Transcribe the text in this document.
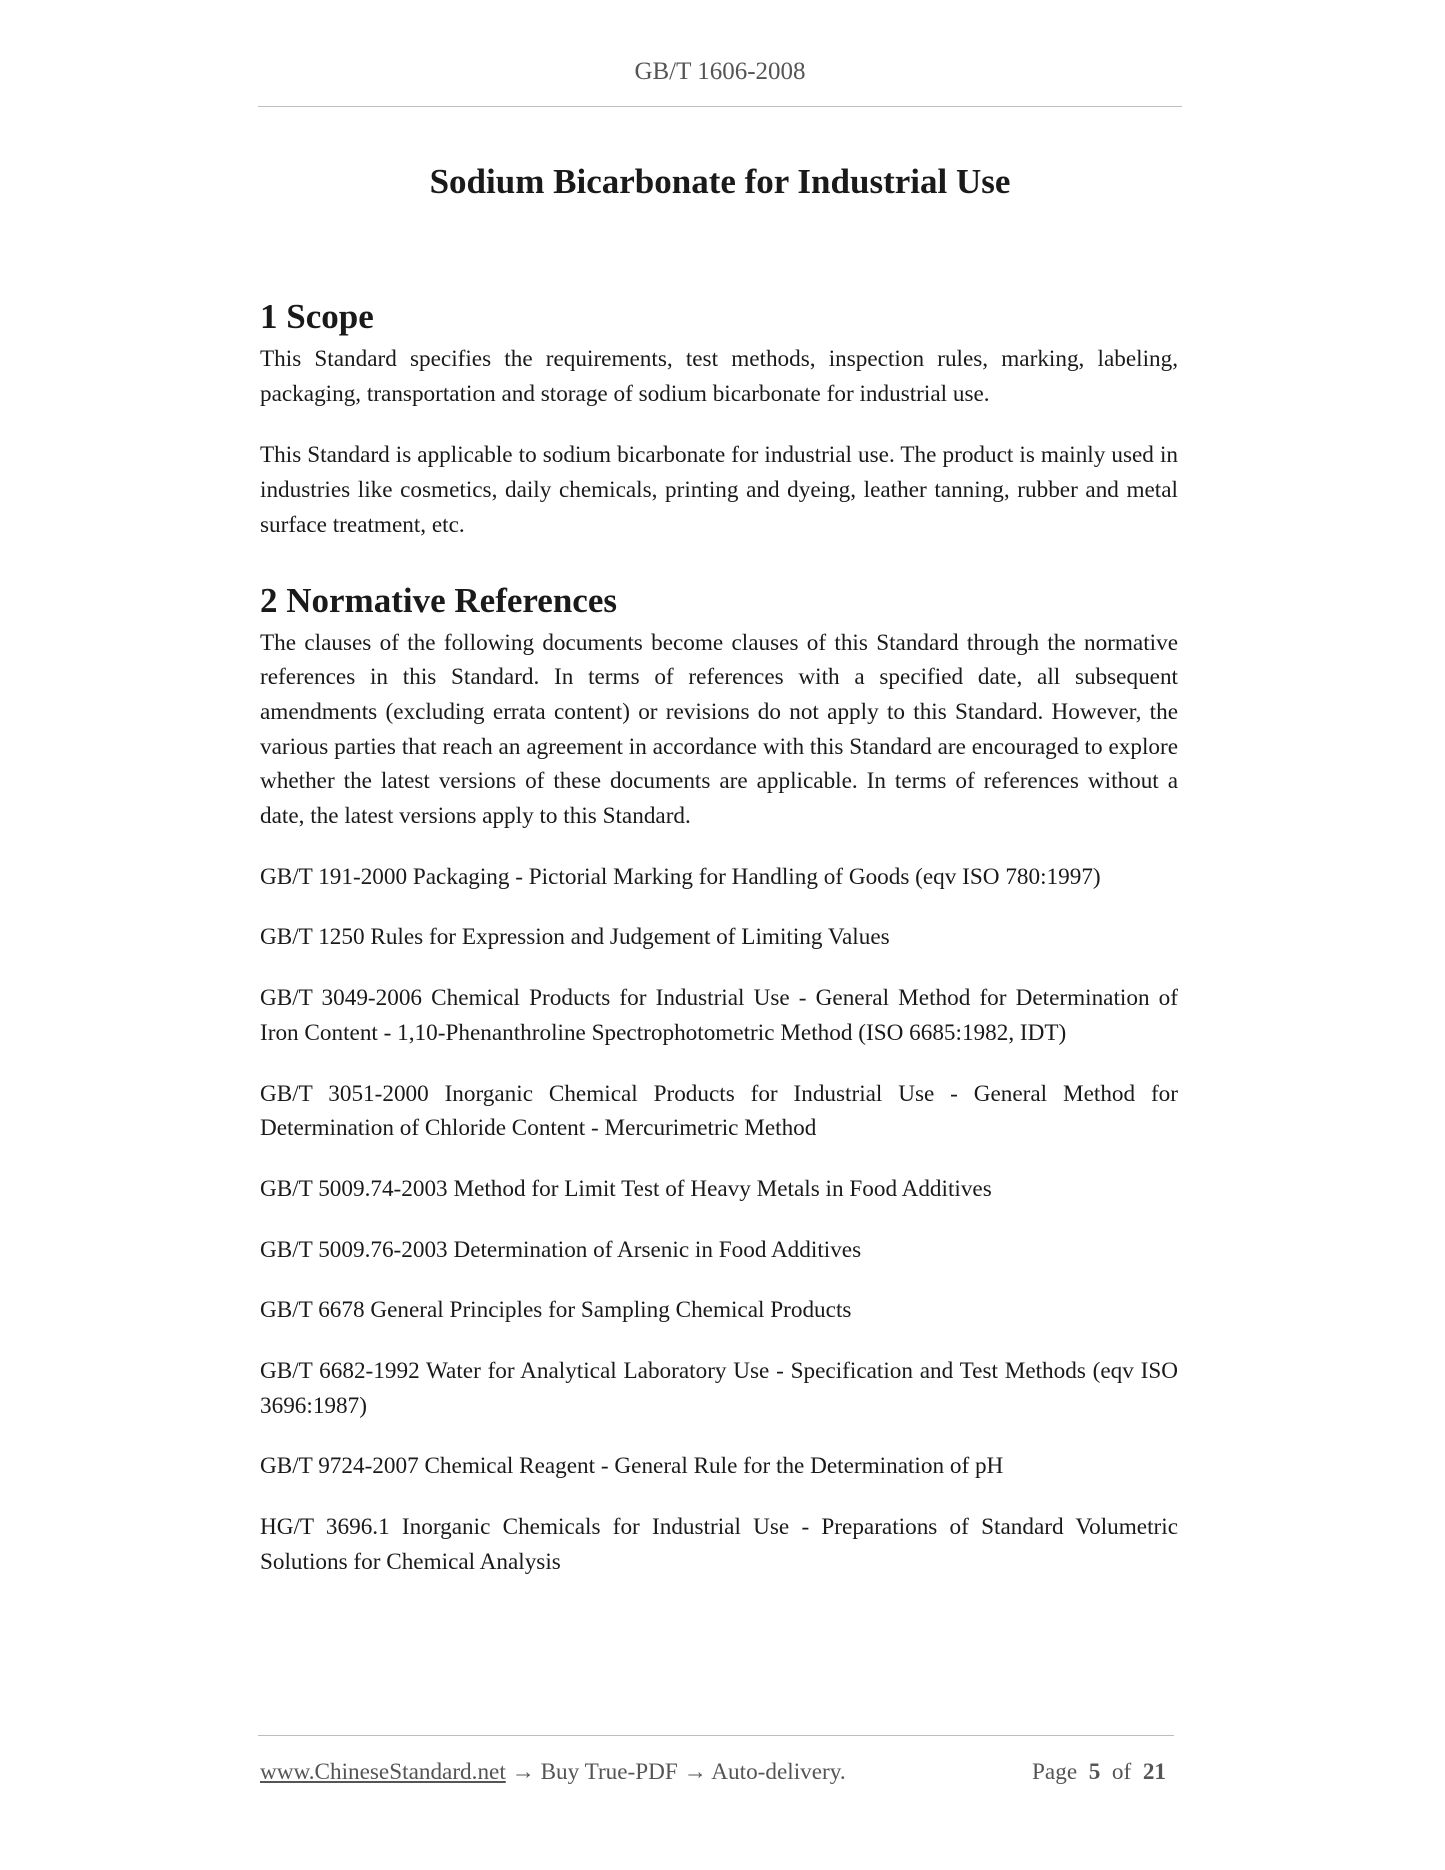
GB/T 1606-2008
Sodium Bicarbonate for Industrial Use
1 Scope

This Standard specifies the requirements, test methods, inspection rules, marking, labeling, packaging, transportation and storage of sodium bicarbonate for industrial use.

This Standard is applicable to sodium bicarbonate for industrial use. The product is mainly used in industries like cosmetics, daily chemicals, printing and dyeing, leather tanning, rubber and metal surface treatment, etc.

2 Normative References

The clauses of the following documents become clauses of this Standard through the normative references in this Standard. In terms of references with a specified date, all subsequent amendments (excluding errata content) or revisions do not apply to this Standard. However, the various parties that reach an agreement in accordance with this Standard are encouraged to explore whether the latest versions of these documents are applicable. In terms of references without a date, the latest versions apply to this Standard.

GB/T 191-2000 Packaging - Pictorial Marking for Handling of Goods (eqv ISO 780:1997)

GB/T 1250 Rules for Expression and Judgement of Limiting Values

GB/T 3049-2006 Chemical Products for Industrial Use - General Method for Determination of Iron Content - 1,10-Phenanthroline Spectrophotometric Method (ISO 6685:1982, IDT)

GB/T 3051-2000 Inorganic Chemical Products for Industrial Use - General Method for Determination of Chloride Content - Mercurimetric Method

GB/T 5009.74-2003 Method for Limit Test of Heavy Metals in Food Additives

GB/T 5009.76-2003 Determination of Arsenic in Food Additives

GB/T 6678 General Principles for Sampling Chemical Products

GB/T 6682-1992 Water for Analytical Laboratory Use - Specification and Test Methods (eqv ISO 3696:1987)

GB/T 9724-2007 Chemical Reagent - General Rule for the Determination of pH

HG/T 3696.1 Inorganic Chemicals for Industrial Use - Preparations of Standard Volumetric Solutions for Chemical Analysis

www.ChineseStandard.net → Buy True-PDF → Auto-delivery.	Page 5 of 21
